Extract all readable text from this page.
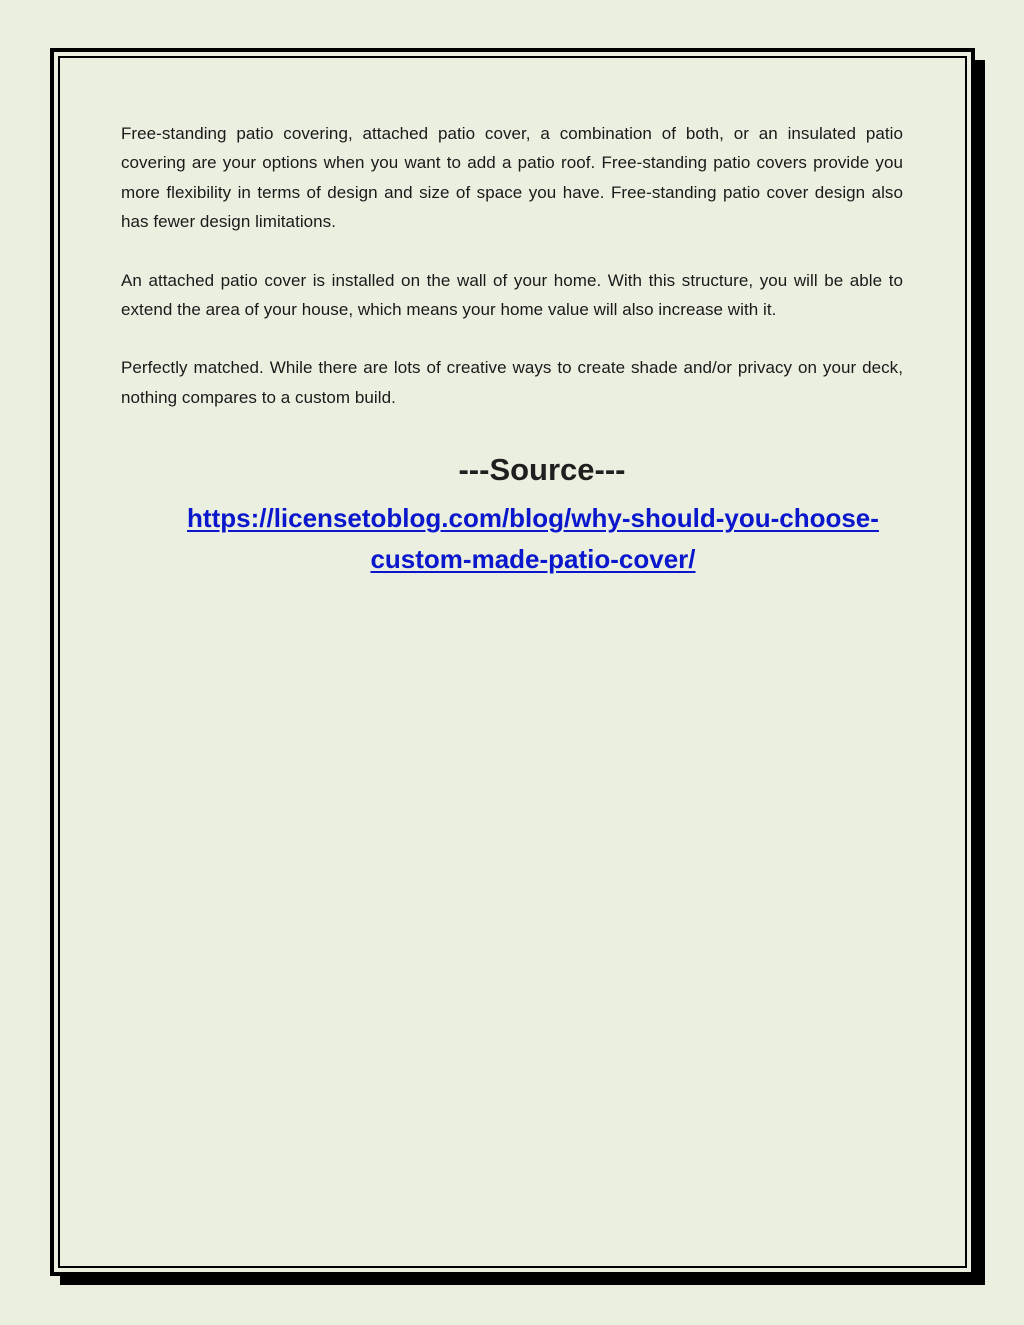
Free-standing patio covering, attached patio cover, a combination of both, or an insulated patio covering are your options when you want to add a patio roof. Free-standing patio covers provide you more flexibility in terms of design and size of space you have. Free-standing patio cover design also has fewer design limitations.

An attached patio cover is installed on the wall of your home. With this structure, you will be able to extend the area of your house, which means your home value will also increase with it.

Perfectly matched. While there are lots of creative ways to create shade and/or privacy on your deck, nothing compares to a custom build.

---Source---
https://licensetoblog.com/blog/why-should-you-choose-
custom-made-patio-cover/
